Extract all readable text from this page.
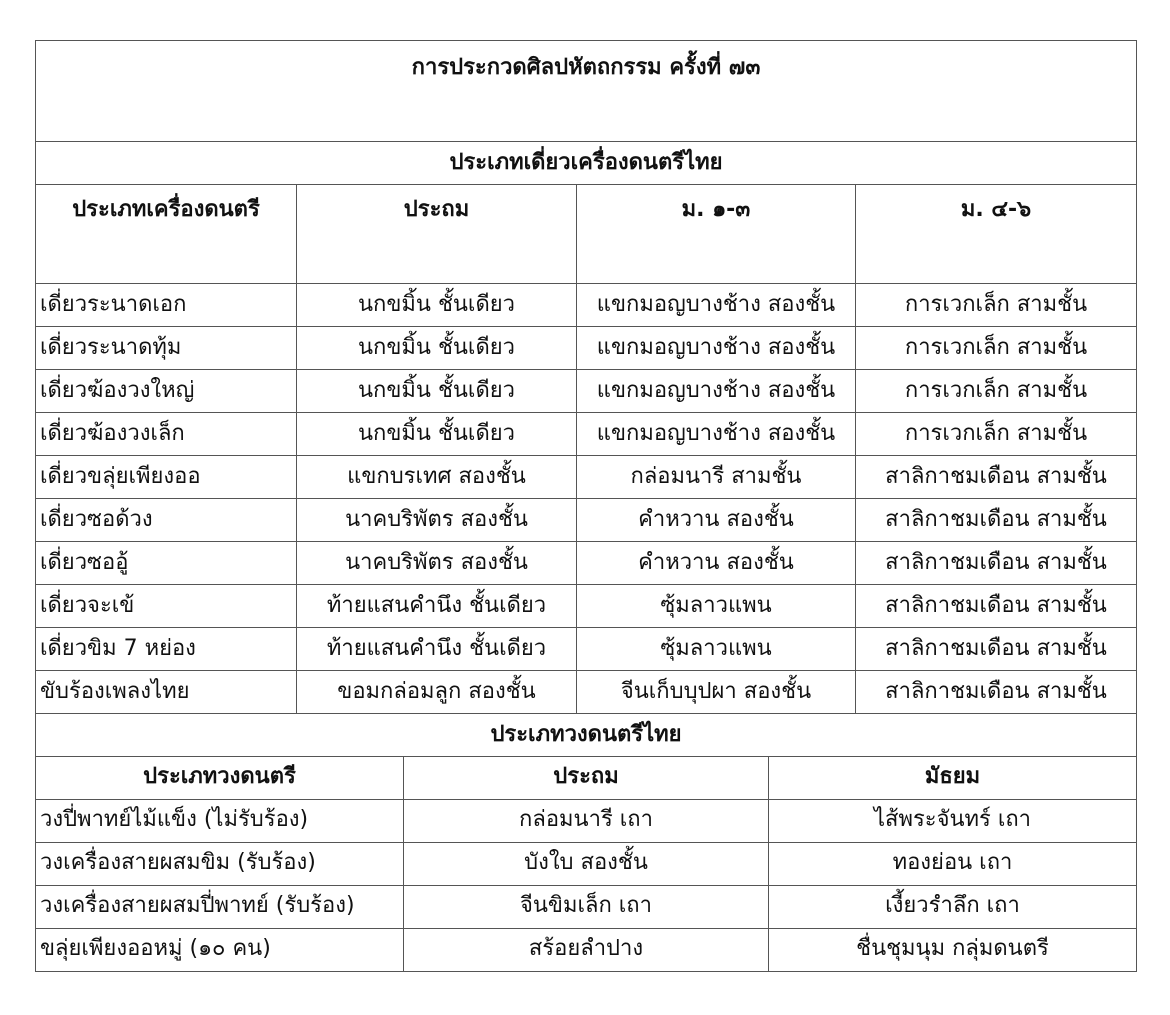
การประกวดศิลปหัตถกรรม ครั้งที่ ๗๓			
ประเภทเดี่ยวเครื่องดนตรีไทย			
ประเภทเครื่องดนตรี	ประถม	ม. ๑-๓	ม. ๔-๖
เดี่ยวระนาดเอก	นกขมิ้น ชั้นเดียว	แขกมอญบางช้าง สองชั้น	การเวกเล็ก สามชั้น
เดี่ยวระนาดทุ้ม	นกขมิ้น ชั้นเดียว	แขกมอญบางช้าง สองชั้น	การเวกเล็ก สามชั้น
เดี่ยวฆ้องวงใหญ่	นกขมิ้น ชั้นเดียว	แขกมอญบางช้าง สองชั้น	การเวกเล็ก สามชั้น
เดี่ยวฆ้องวงเล็ก	นกขมิ้น ชั้นเดียว	แขกมอญบางช้าง สองชั้น	การเวกเล็ก สามชั้น
เดี่ยวขลุ่ยเพียงออ	แขกบรเทศ สองชั้น	กล่อมนารี สามชั้น	สาลิกาชมเดือน สามชั้น
เดี่ยวซอด้วง	นาคบริพัตร สองชั้น	คำหวาน สองชั้น	สาลิกาชมเดือน สามชั้น
เดี่ยวซออู้	นาคบริพัตร สองชั้น	คำหวาน สองชั้น	สาลิกาชมเดือน สามชั้น
เดี่ยวจะเข้	ท้ายแสนคำนึง ชั้นเดียว	ซุ้มลาวแพน	สาลิกาชมเดือน สามชั้น
เดี่ยวขิม 7 หย่อง	ท้ายแสนคำนึง ชั้นเดียว	ซุ้มลาวแพน	สาลิกาชมเดือน สามชั้น
ขับร้องเพลงไทย	ขอมกล่อมลูก สองชั้น	จีนเก็บบุปผา สองชั้น	สาลิกาชมเดือน สามชั้น
ประเภทวงดนตรีไทย			
ประเภทวงดนตรี	ประถม	มัธยม
วงปี่พาทย์ไม้แข็ง (ไม่รับร้อง)	กล่อมนารี เถา	ไส้พระจันทร์ เถา
วงเครื่องสายผสมขิม (รับร้อง)	บังใบ สองชั้น	ทองย่อน เถา
วงเครื่องสายผสมปี่พาทย์ (รับร้อง)	จีนขิมเล็ก เถา	เงี้ยวรำลึก เถา
ขลุ่ยเพียงออหมู่ (๑๐ คน)	สร้อยลำปาง	ชื่นชุมนุม กลุ่มดนตรี
